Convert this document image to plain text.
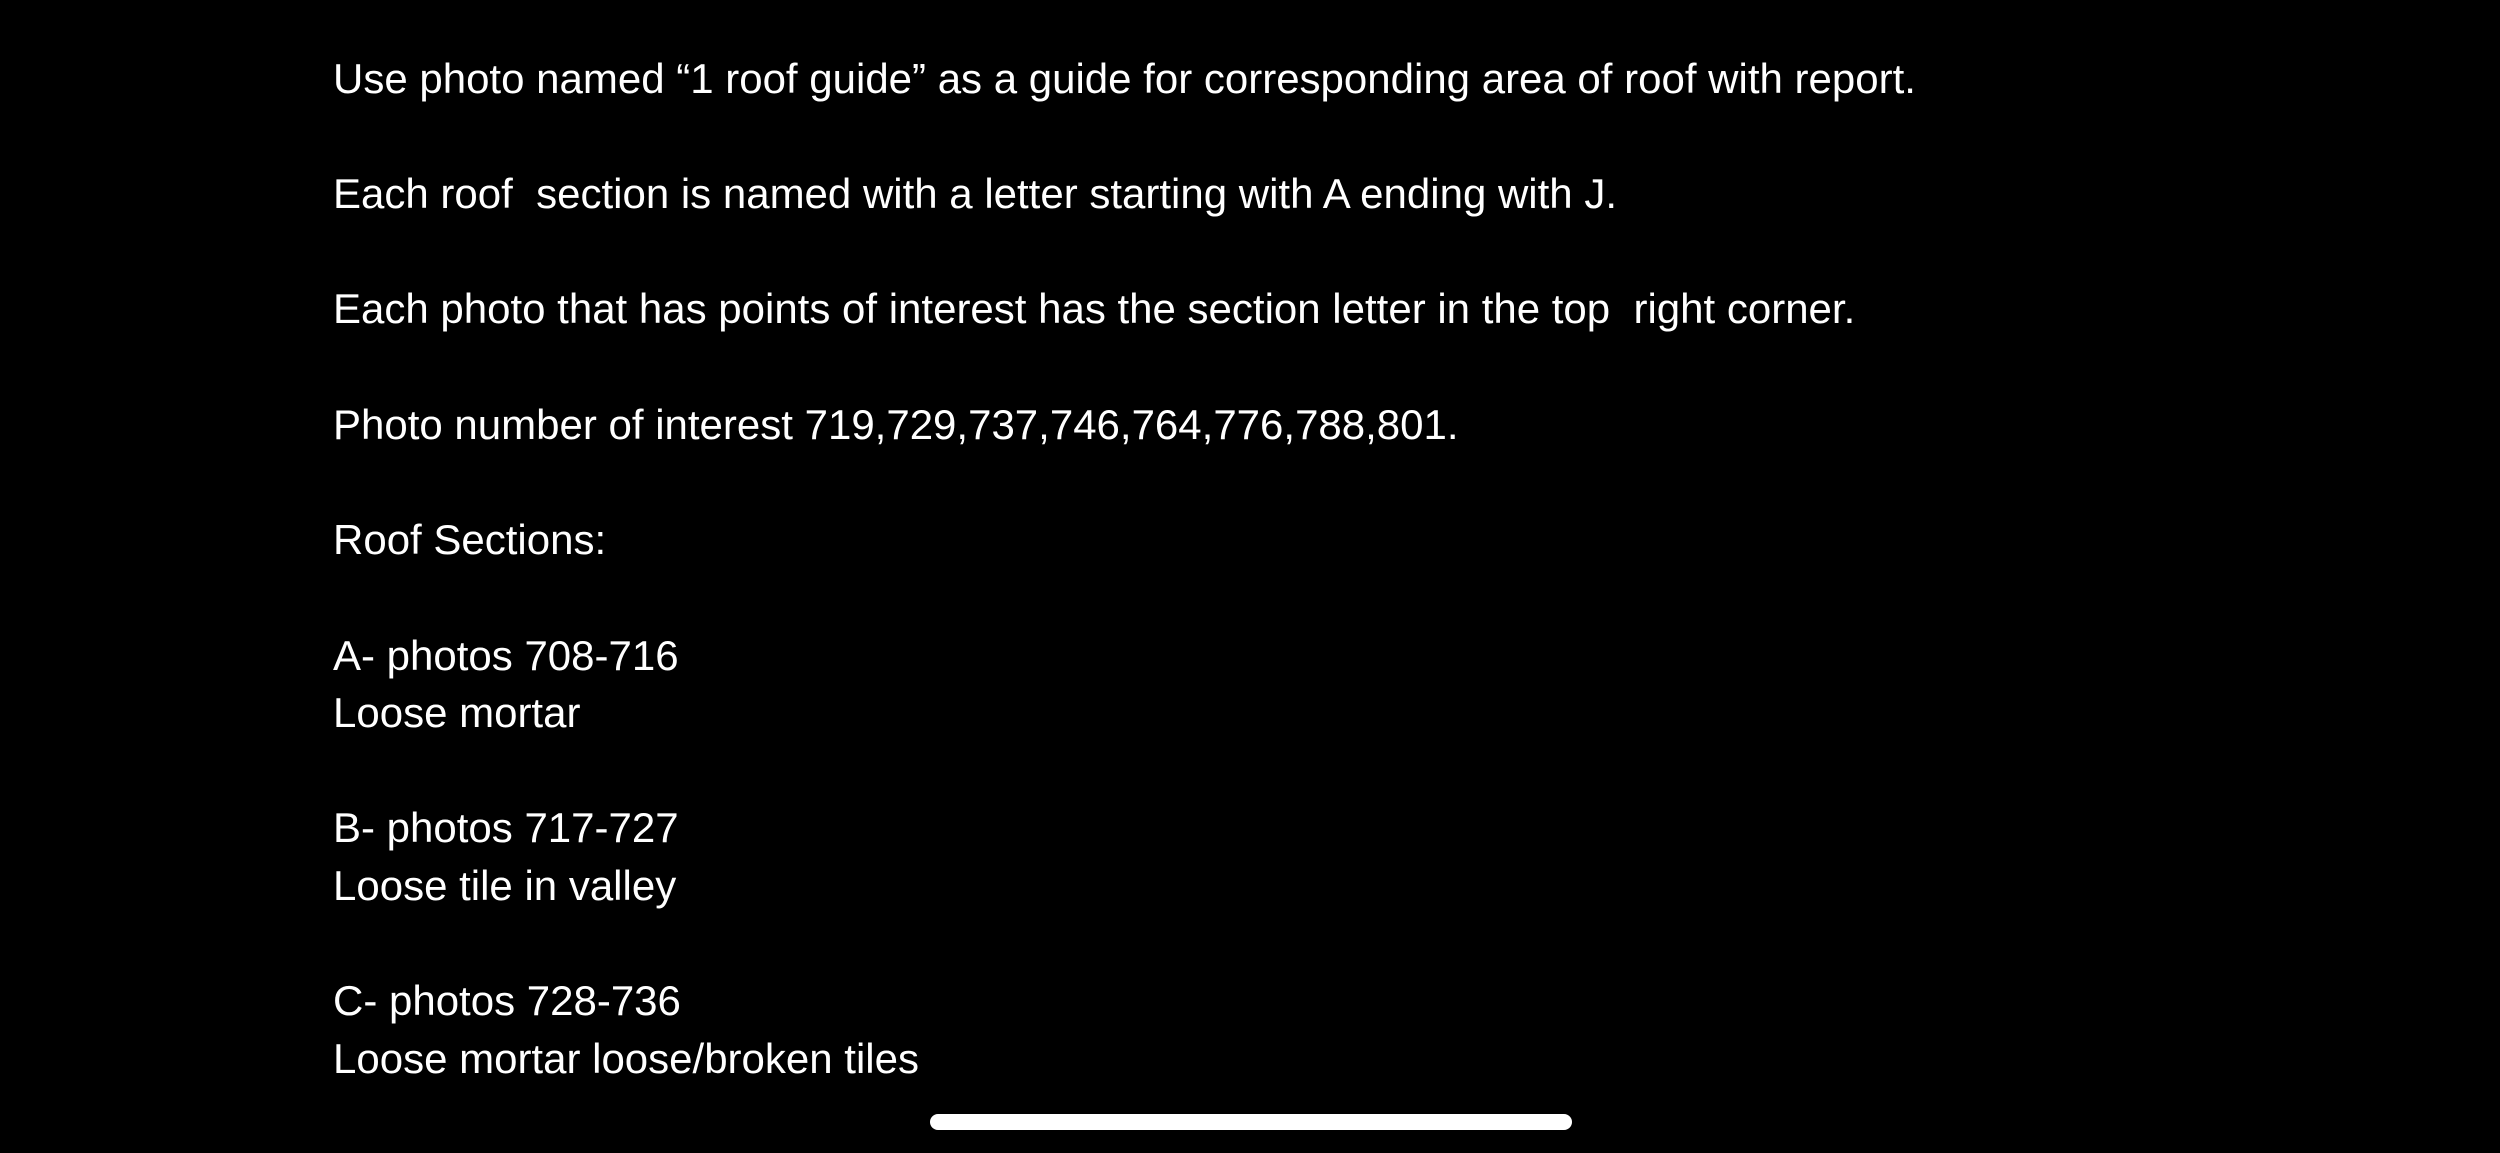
Use photo named “1 roof guide” as a guide for corresponding area of roof with report.
Each roof  section is named with a letter starting with A ending with J.
Each photo that has points of interest has the section letter in the top  right corner.
Photo number of interest 719,729,737,746,764,776,788,801.
Roof Sections:
A- photos 708-716
Loose mortar
B- photos 717-727
Loose tile in valley
C- photos 728-736
Loose mortar loose/broken tiles
